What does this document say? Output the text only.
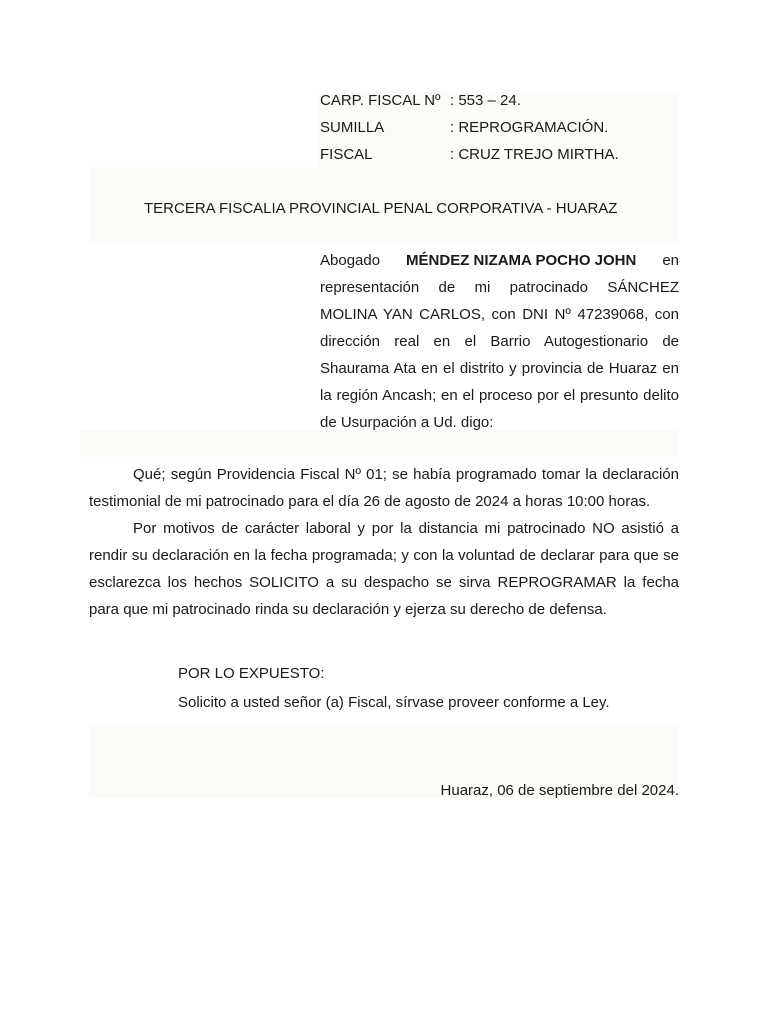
CARP. FISCAL Nº : 553 – 24.
SUMILLA	: REPROGRAMACIÓN.
FISCAL	: CRUZ TREJO MIRTHA.
TERCERA FISCALIA PROVINCIAL PENAL CORPORATIVA - HUARAZ
Abogado MÉNDEZ NIZAMA POCHO JOHN en
representación de mi patrocinado SÁNCHEZ
MOLINA YAN CARLOS, con DNI Nº 47239068, con
dirección real en el Barrio Autogestionario de
Shaurama Ata en el distrito y provincia de Huaraz en
la región Ancash; en el proceso por el presunto delito
de Usurpación a Ud. digo:
Qué; según Providencia Fiscal Nº 01; se había programado tomar la declaración
testimonial de mi patrocinado para el día 26 de agosto de 2024 a horas 10:00 horas.
Por motivos de carácter laboral y por la distancia mi patrocinado NO asistió a
rendir su declaración en la fecha programada; y con la voluntad de declarar para que se
esclarezca los hechos SOLICITO a su despacho se sirva REPROGRAMAR la fecha
para que mi patrocinado rinda su declaración y ejerza su derecho de defensa.
POR LO EXPUESTO:
Solicito a usted señor (a) Fiscal, sírvase proveer conforme a Ley.
Huaraz, 06 de septiembre del 2024.
